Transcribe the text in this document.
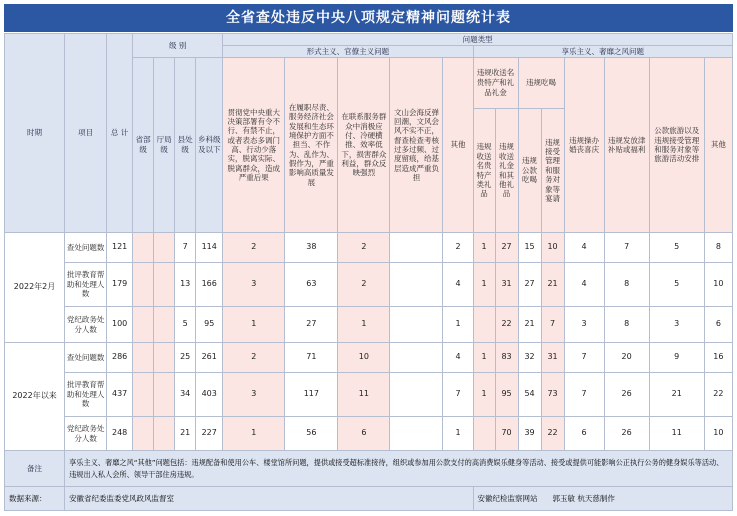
全省查处违反中央八项规定精神问题统计表
时期	项目	总 计	级 别				问题类型												
							形式主义、官僚主义问题					享乐主义、奢靡之风问题							
			省部级	厅局级	县处级	乡科级及以下	贯彻党中央重大决策部署有令不行、有禁不止，或者表态多调门高、行动少落实，脱离实际、脱离群众，造成严重后果	在履职尽责、服务经济社会发展和生态环境保护方面不担当、不作为、乱作为、假作为，严重影响高质量发展	在联系服务群众中消极应付、冷硬横推、效率低下，损害群众利益，群众反映强烈	文山会海反弹回潮，文风会风不实不正，督查检查考核过多过频、过度留痕，给基层造成严重负担	其他	违规收送名贵特产和礼品礼金		违规吃喝		违规操办婚丧喜庆	违规发放津补贴或福利	公款旅游以及违规接受管理和服务对象等旅游活动安排	其他
												违规收送名贵特产类礼品	违规收送礼金和其他礼品	违规公款吃喝	违规接受管理和服务对象等宴请				
2022年2月	查处问题数	121			7	114	2	38	2		2	1	27	15	10	4	7	5	8
	批评教育帮助和处理人数	179			13	166	3	63	2		4	1	31	27	21	4	8	5	10
	党纪政务处分人数	100			5	95	1	27	1		1		22	21	7	3	8	3	6
2022年以来	查处问题数	286			25	261	2	71	10		4	1	83	32	31	7	20	9	16
	批评教育帮助和处理人数	437			34	403	3	117	11		7	1	95	54	73	7	26	21	22
	党纪政务处分人数	248			21	227	1	56	6		1		70	39	22	6	26	11	10
备注	享乐主义、奢靡之风“其他”问题包括：违规配备和使用公车、楼堂馆所问题，提供或接受超标准接待，组织或参加用公款支付的高消费娱乐健身等活动、接受或提供可能影响公正执行公务的健身娱乐等活动、违规出入私人会所、领导干部住房违规。																		
数据来源：	安徽省纪委监委党风政风监督室											安徽纪检监察网站　　郭玉敏 杭天慈制作							
